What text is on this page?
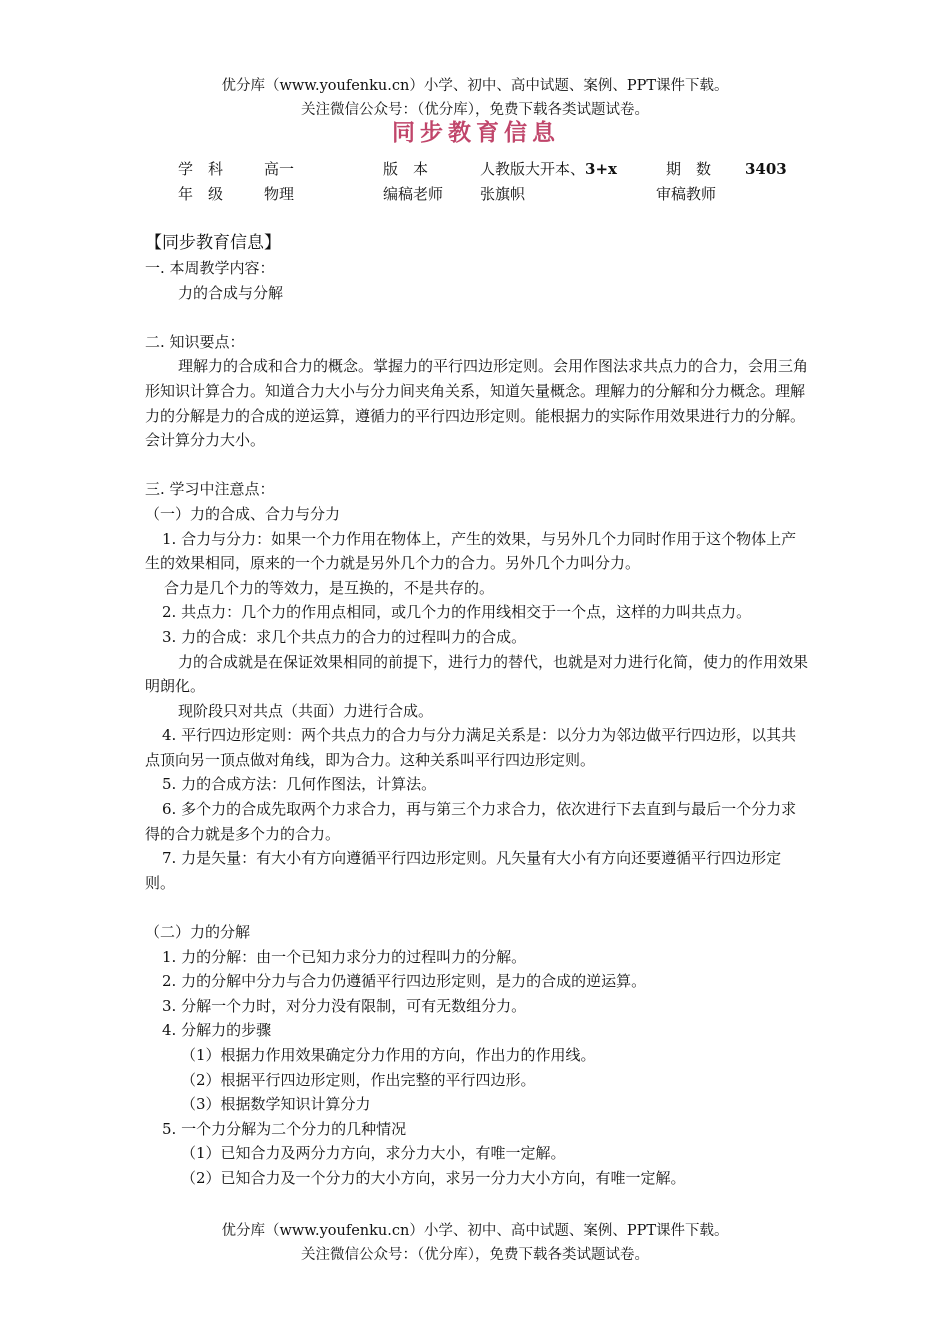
优分库（www.youfenku.cn）小学、初中、高中试题、案例、PPT课件下载。
关注微信公众号：（优分库），免费下载各类试题试卷。
同步教育信息
学　科	高一	版　本	人教版大开本、3+x	期　数 3403
年　级	物理	编稿老师 张旗帜	审稿教师

【同步教育信息】

一. 本周教学内容：

力的合成与分解

二. 知识要点：

理解力的合成和合力的概念。掌握力的平行四边形定则。会用作图法求共点力的合力，会用三角形知识计算合力。知道合力大小与分力间夹角关系，知道矢量概念。理解力的分解和分力概念。理解力的分解是力的合成的逆运算，遵循力的平行四边形定则。能根据力的实际作用效果进行力的分解。会计算分力大小。

三. 学习中注意点：

（一）力的合成、合力与分力

1. 合力与分力：如果一个力作用在物体上，产生的效果，与另外几个力同时作用于这个物体上产生的效果相同，原来的一个力就是另外几个力的合力。另外几个力叫分力。

合力是几个力的等效力，是互换的，不是共存的。

2. 共点力：几个力的作用点相同，或几个力的作用线相交于一个点，这样的力叫共点力。

3. 力的合成：求几个共点力的合力的过程叫力的合成。

力的合成就是在保证效果相同的前提下，进行力的替代，也就是对力进行化简，使力的作用效果明朗化。

现阶段只对共点（共面）力进行合成。

4. 平行四边形定则：两个共点力的合力与分力满足关系是：以分力为邻边做平行四边形，以其共点顶向另一顶点做对角线，即为合力。这种关系叫平行四边形定则。

5. 力的合成方法：几何作图法，计算法。

6. 多个力的合成先取两个力求合力，再与第三个力求合力，依次进行下去直到与最后一个分力求得的合力就是多个力的合力。

7. 力是矢量：有大小有方向遵循平行四边形定则。凡矢量有大小有方向还要遵循平行四边形定则。

（二）力的分解

1. 力的分解：由一个已知力求分力的过程叫力的分解。

2. 力的分解中分力与合力仍遵循平行四边形定则，是力的合成的逆运算。

3. 分解一个力时，对分力没有限制，可有无数组分力。

4. 分解力的步骤

（1）根据力作用效果确定分力作用的方向，作出力的作用线。

（2）根据平行四边形定则，作出完整的平行四边形。

（3）根据数学知识计算分力

5. 一个力分解为二个分力的几种情况

（1）已知合力及两分力方向，求分力大小，有唯一定解。

（2）已知合力及一个分力的大小方向，求另一分力大小方向，有唯一定解。

优分库（www.youfenku.cn）小学、初中、高中试题、案例、PPT课件下载。
关注微信公众号：（优分库），免费下载各类试题试卷。
